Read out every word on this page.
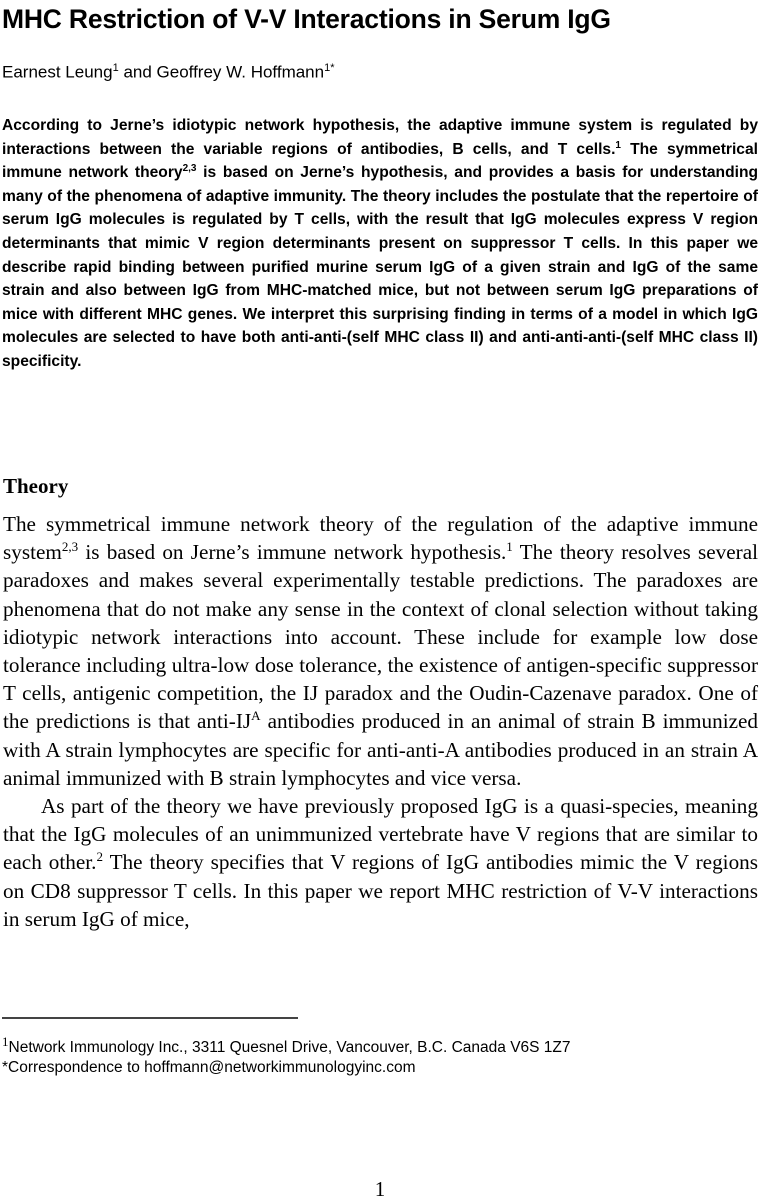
MHC Restriction of V-V Interactions in Serum IgG
Earnest Leung$^1$ and Geoffrey W. Hoffmann$^{1*}$

According to Jerne’s idiotypic network hypothesis, the adaptive immune system is regulated by interactions between the variable regions of antibodies, B cells, and T cells.$^1$ The symmetrical immune network theory$^{2,3}$ is based on Jerne’s hypothesis, and provides a basis for understanding many of the phenomena of adaptive immunity. The theory includes the postulate that the repertoire of serum IgG molecules is regulated by T cells, with the result that IgG molecules express V region determinants that mimic V region determinants present on suppressor T cells. In this paper we describe rapid binding between purified murine serum IgG of a given strain and IgG of the same strain and also between IgG from MHC-matched mice, but not between serum IgG preparations of mice with different MHC genes. We interpret this surprising finding in terms of a model in which IgG molecules are selected to have both anti-anti-(self MHC class II) and anti-anti-anti-(self MHC class II) specificity.

Theory

The symmetrical immune network theory of the regulation of the adaptive immune system$^{2,3}$ is based on Jerne’s immune network hypothesis.$^1$ The theory resolves several paradoxes and makes several experimentally testable predictions. The paradoxes are phenomena that do not make any sense in the context of clonal selection without taking idiotypic network interactions into account. These include for example low dose tolerance including ultra-low dose tolerance, the existence of antigen-specific suppressor T cells, antigenic competition, the IJ paradox and the Oudin-Cazenave paradox. One of the predictions is that anti-$IJ^A$ antibodies produced in an animal of strain B immunized with A strain lymphocytes are specific for anti-anti-A antibodies produced in an strain A animal immunized with B strain lymphocytes and vice versa.

As part of the theory we have previously proposed IgG is a quasi-species, meaning that the IgG molecules of an unimmunized vertebrate have V regions that are similar to each other.$^2$ The theory specifies that V regions of IgG antibodies mimic the V regions on CD8 suppressor T cells. In this paper we report MHC restriction of V-V interactions in serum IgG of mice,

$^1$Network Immunology Inc., 3311 Quesnel Drive, Vancouver, B.C. Canada V6S 1Z7
*Correspondence to hoffmann@networkimmunologyinc.com
1
